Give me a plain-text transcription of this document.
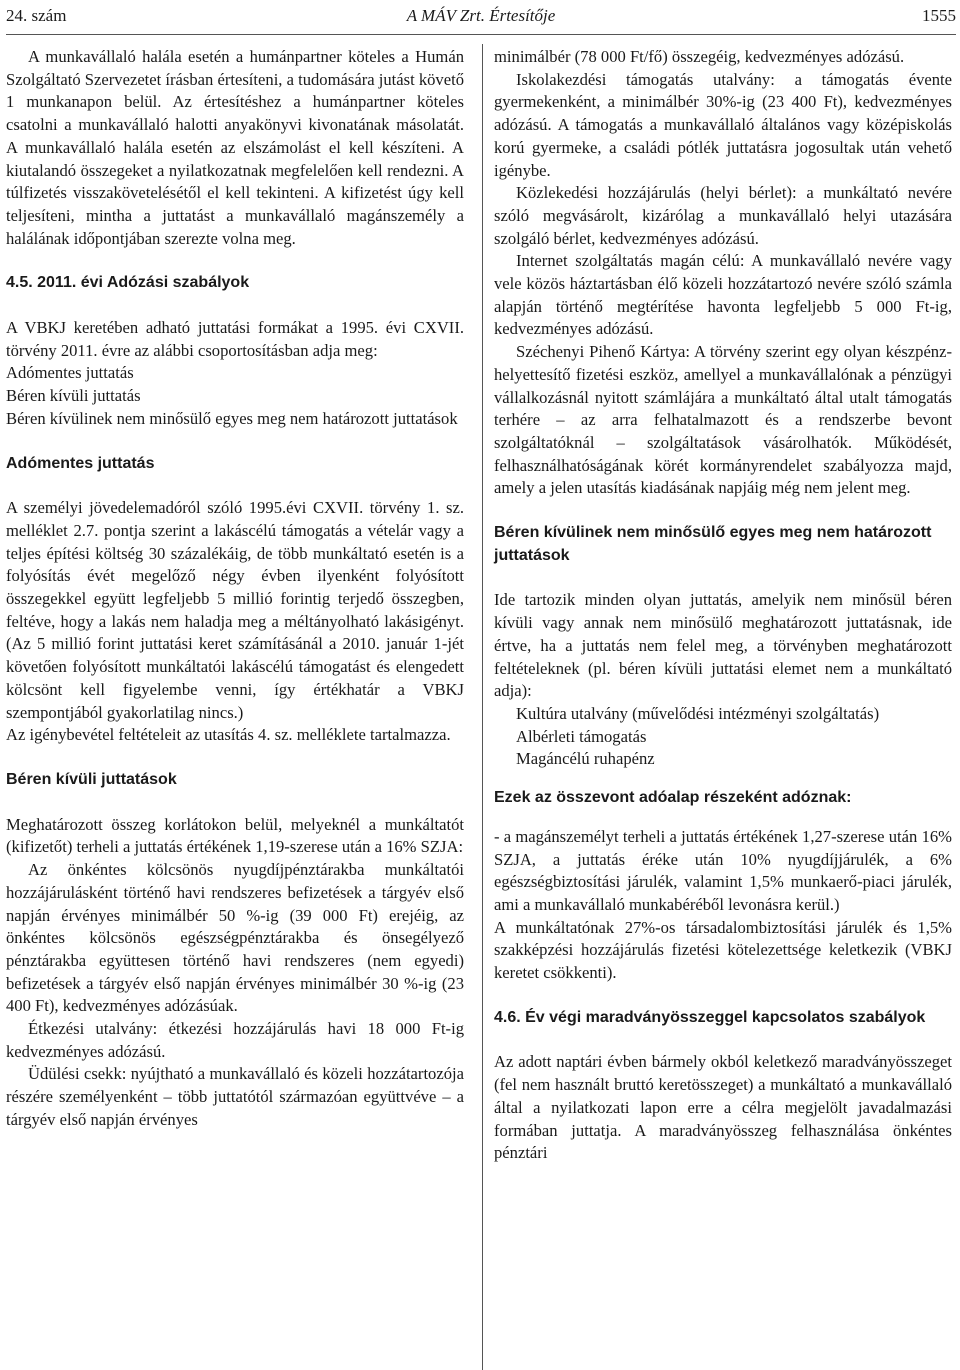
24. szám	A MÁV Zrt. Értesítője	1555

A munkavállaló halála esetén a humánpartner köteles a Humán Szolgáltató Szervezetet írásban értesíteni, a tudomására jutást követő 1 munkanapon belül. Az értesítéshez a humánpartner köteles csatolni a munkavállaló halotti anyakönyvi kivonatának másolatát. A munkavállaló halála esetén az elszámolást el kell készíteni. A kiutalandó összegeket a nyilatkozatnak megfelelően kell rendezni. A túlfizetés visszakövetelésétől el kell tekinteni. A kifizetést úgy kell teljesíteni, mintha a juttatást a munkavállaló magánszemély a halálának időpontjában szerezte volna meg.

4.5. 2011. évi Adózási szabályok

A VBKJ keretében adható juttatási formákat a 1995. évi CXVII. törvény 2011. évre az alábbi csoportosításban adja meg:

Adómentes juttatás
Béren kívüli juttatás
Béren kívülinek nem minősülő egyes meg nem határozott juttatások
Adómentes juttatás

A személyi jövedelemadóról szóló 1995.évi CXVII. törvény 1. sz. melléklet 2.7. pontja szerint a lakáscélú támogatás a vételár vagy a teljes építési költség 30 százalékáig, de több munkáltató esetén is a folyósítás évét megelőző négy évben ilyenként folyósított összegekkel együtt legfeljebb 5 millió forintig terjedő összegben, feltéve, hogy a lakás nem haladja meg a méltányolható lakásigényt. (Az 5 millió forint juttatási keret számításánál a 2010. január 1-jét követően folyósított munkáltatói lakáscélú támogatást és elengedett kölcsönt kell figyelembe venni, így értékhatár a VBKJ szempontjából gyakorlatilag nincs.)

Az igénybevétel feltételeit az utasítás 4. sz. melléklete tartalmazza.

Béren kívüli juttatások

Meghatározott összeg korlátokon belül, melyeknél a munkáltatót (kifizetőt) terheli a juttatás értékének 1,19-szerese után a 16% SZJA:

Az önkéntes kölcsönös nyugdíjpénztárakba munkáltatói hozzájárulásként történő havi rendszeres befizetések a tárgyév első napján érvényes minimálbér 50 %-ig (39 000 Ft) erejéig, az önkéntes kölcsönös egészségpénztárakba és önsegélyező pénztárakba együttesen történő havi rendszeres (nem egyedi) befizetések a tárgyév első napján érvényes minimálbér 30 %-ig (23 400 Ft), kedvezményes adózásúak.

Étkezési utalvány: étkezési hozzájárulás havi 18 000 Ft-ig kedvezményes adózású.

Üdülési csekk: nyújtható a munkavállaló és közeli hozzátartozója részére személyenként – több juttatótól származóan együttvéve – a tárgyév első napján érvényes

minimálbér (78 000 Ft/fő) összegéig, kedvezményes adózású.

Iskolakezdési támogatás utalvány: a támogatás évente gyermekenként, a minimálbér 30%-ig (23 400 Ft), kedvezményes adózású. A támogatás a munkavállaló általános vagy középiskolás korú gyermeke, a családi pótlék juttatásra jogosultak után vehető igénybe.

Közlekedési hozzájárulás (helyi bérlet): a munkáltató nevére szóló megvásárolt, kizárólag a munkavállaló helyi utazására szolgáló bérlet, kedvezményes adózású.

Internet szolgáltatás magán célú: A munkavállaló nevére vagy vele közös háztartásban élő közeli hozzátartozó nevére szóló számla alapján történő megtérítése havonta legfeljebb 5 000 Ft-ig, kedvezményes adózású.

Széchenyi Pihenő Kártya: A törvény szerint egy olyan készpénz-helyettesítő fizetési eszköz, amellyel a munkavállalónak a pénzügyi vállalkozásnál nyitott számlájára a munkáltató által utalt támogatás terhére – az arra felhatalmazott és a rendszerbe bevont szolgáltatóknál – szolgáltatások vásárolhatók. Működését, felhasználhatóságának körét kormányrendelet szabályozza majd, amely a jelen utasítás kiadásának napjáig még nem jelent meg.

Béren kívülinek nem minősülő egyes meg nem határozott juttatások

Ide tartozik minden olyan juttatás, amelyik nem minősül béren kívüli vagy annak nem minősülő meghatározott juttatásnak, ide értve, ha a juttatás nem felel meg, a törvényben meghatározott feltételeknek (pl. béren kívüli juttatási elemet nem a munkáltató adja):

Kultúra utalvány (művelődési intézményi szolgáltatás)

Albérleti támogatás

Magáncélú ruhapénz

Ezek az összevont adóalap részeként adóznak:

- a magánszemélyt terheli a juttatás értékének 1,27-szerese után 16% SZJA, a juttatás éréke után 10% nyugdíjjárulék, a 6% egészségbiztosítási járulék, valamint 1,5% munkaerő-piaci járulék, ami a munkavállaló munkabéréből levonásra kerül.)

A munkáltatónak 27%-os társadalombiztosítási járulék és 1,5% szakképzési hozzájárulás fizetési kötelezettsége keletkezik (VBKJ keretet csökkenti).

4.6. Év végi maradványösszeggel kapcsolatos szabályok

Az adott naptári évben bármely okból keletkező maradványösszeget (fel nem használt bruttó keretösszeget) a munkáltató a munkavállaló által a nyilatkozati lapon erre a célra megjelölt javadalmazási formában juttatja. A maradványösszeg felhasználása önkéntes pénztári
